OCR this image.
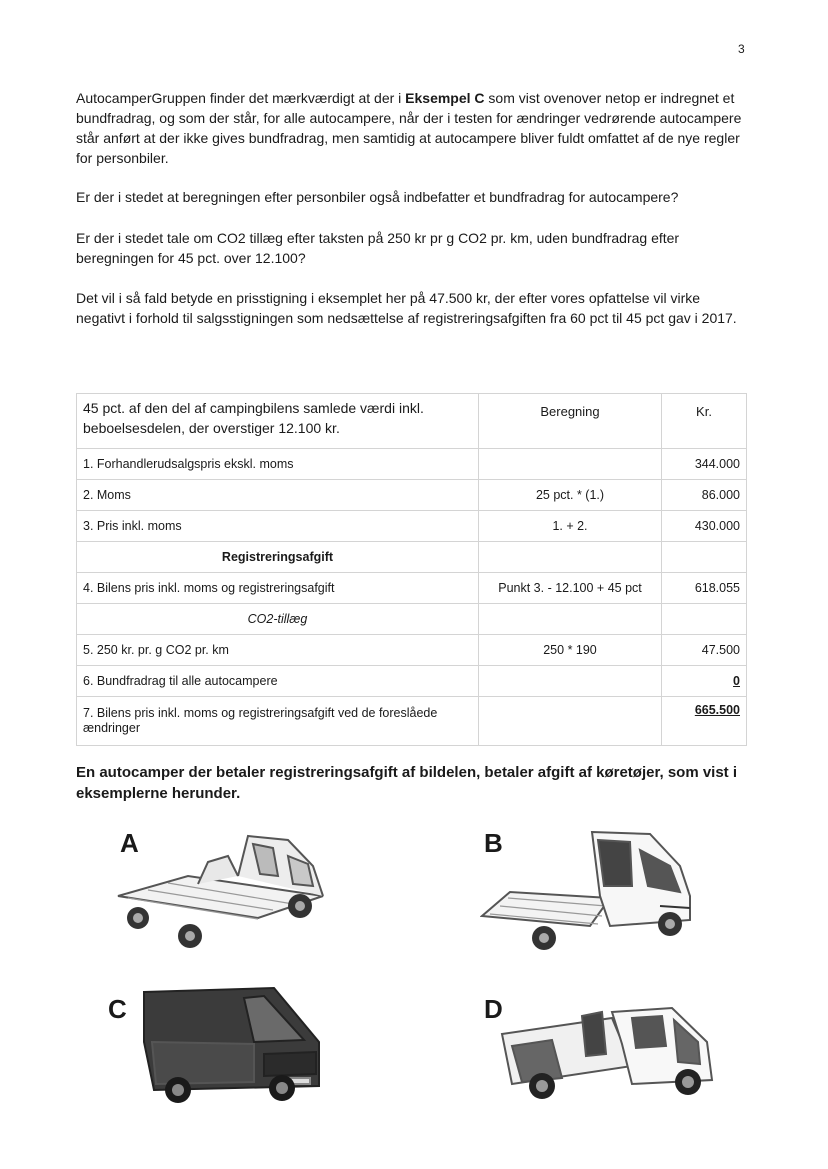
3

AutocamperGruppen finder det mærkværdigt at der i Eksempel C som vist ovenover netop er indregnet et bundfradrag, og som der står, for alle autocampere, når der i testen for ændringer vedrørende autocampere står anført at der ikke gives bundfradrag, men samtidig at autocampere bliver fuldt omfattet af de nye regler for personbiler.

Er der i stedet at beregningen efter personbiler også indbefatter et bundfradrag for autocampere?

Er der i stedet tale om CO2 tillæg efter taksten på 250 kr pr g CO2 pr. km, uden bundfradrag efter beregningen for 45 pct. over 12.100?

Det vil i så fald betyde en prisstigning i eksemplet her på 47.500 kr, der efter vores opfattelse vil virke negativt i forhold til salgsstigningen som nedsættelse af registreringsafgiften fra 60 pct til 45 pct gav i 2017.

45 pct. af den del af campingbilens samlede værdi inkl. beboelsesdelen, der overstiger 12.100 kr.	Beregning	Kr.
1. Forhandlerudsalgspris ekskl. moms		344.000
2. Moms	25 pct. * (1.)	86.000
3. Pris inkl. moms	1. + 2.	430.000
Registreringsafgift		
4. Bilens pris inkl. moms og registreringsafgift	Punkt 3. - 12.100 + 45 pct	618.055
CO2-tillæg		
5. 250 kr. pr. g CO2 pr. km	250 * 190	47.500
6. Bundfradrag til alle autocampere		0
7. Bilens pris inkl. moms og registreringsafgift ved de foreslåede ændringer		665.500

En autocamper der betaler registreringsafgift af bildelen, betaler afgift af køretøjer, som vist i eksemplerne herunder.

A	B
C	D
